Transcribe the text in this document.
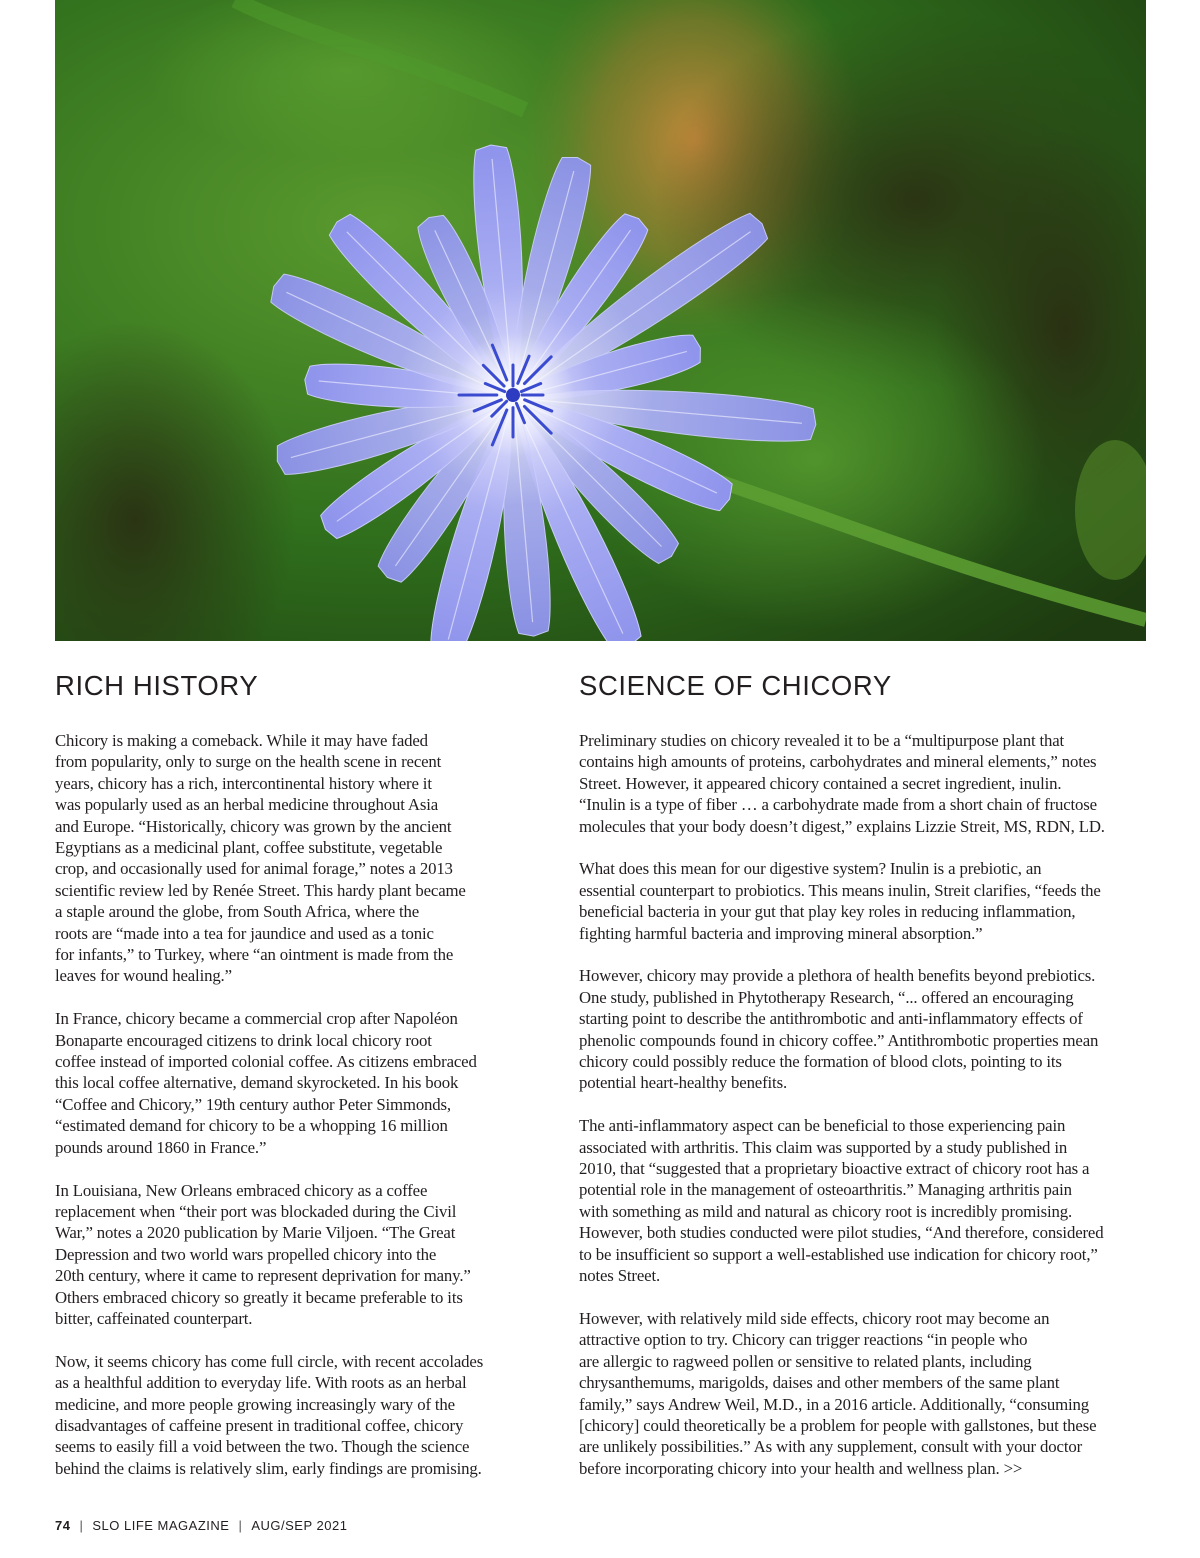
RICH HISTORY

Chicory is making a comeback. While it may have faded
from popularity, only to surge on the health scene in recent
years, chicory has a rich, intercontinental history where it
was popularly used as an herbal medicine throughout Asia
and Europe. “Historically, chicory was grown by the ancient
Egyptians as a medicinal plant, coffee substitute, vegetable
crop, and occasionally used for animal forage,” notes a 2013
scientific review led by Renée Street. This hardy plant became
a staple around the globe, from South Africa, where the
roots are “made into a tea for jaundice and used as a tonic
for infants,” to Turkey, where “an ointment is made from the
leaves for wound healing.”

In France, chicory became a commercial crop after Napoléon
Bonaparte encouraged citizens to drink local chicory root
coffee instead of imported colonial coffee. As citizens embraced
this local coffee alternative, demand skyrocketed. In his book
“Coffee and Chicory,” 19th century author Peter Simmonds,
“estimated demand for chicory to be a whopping 16 million
pounds around 1860 in France.”

In Louisiana, New Orleans embraced chicory as a coffee
replacement when “their port was blockaded during the Civil
War,” notes a 2020 publication by Marie Viljoen. “The Great
Depression and two world wars propelled chicory into the
20th century, where it came to represent deprivation for many.”
Others embraced chicory so greatly it became preferable to its
bitter, caffeinated counterpart.

Now, it seems chicory has come full circle, with recent accolades
as a healthful addition to everyday life. With roots as an herbal
medicine, and more people growing increasingly wary of the
disadvantages of caffeine present in traditional coffee, chicory
seems to easily fill a void between the two. Though the science
behind the claims is relatively slim, early findings are promising.

SCIENCE OF CHICORY

Preliminary studies on chicory revealed it to be a “multipurpose plant that
contains high amounts of proteins, carbohydrates and mineral elements,” notes
Street. However, it appeared chicory contained a secret ingredient, inulin.
“Inulin is a type of fiber … a carbohydrate made from a short chain of fructose
molecules that your body doesn’t digest,” explains Lizzie Streit, MS, RDN, LD.

What does this mean for our digestive system? Inulin is a prebiotic, an
essential counterpart to probiotics. This means inulin, Streit clarifies, “feeds the
beneficial bacteria in your gut that play key roles in reducing inflammation,
fighting harmful bacteria and improving mineral absorption.”

However, chicory may provide a plethora of health benefits beyond prebiotics.
One study, published in Phytotherapy Research, “... offered an encouraging
starting point to describe the antithrombotic and anti-inflammatory effects of
phenolic compounds found in chicory coffee.” Antithrombotic properties mean
chicory could possibly reduce the formation of blood clots, pointing to its
potential heart-healthy benefits.

The anti-inflammatory aspect can be beneficial to those experiencing pain
associated with arthritis. This claim was supported by a study published in
2010, that “suggested that a proprietary bioactive extract of chicory root has a
potential role in the management of osteoarthritis.” Managing arthritis pain
with something as mild and natural as chicory root is incredibly promising.
However, both studies conducted were pilot studies, “And therefore, considered
to be insufficient so support a well-established use indication for chicory root,”
notes Street.

However, with relatively mild side effects, chicory root may become an
attractive option to try. Chicory can trigger reactions “in people who
are allergic to ragweed pollen or sensitive to related plants, including
chrysanthemums, marigolds, daises and other members of the same plant
family,” says Andrew Weil, M.D., in a 2016 article. Additionally, “consuming
[chicory] could theoretically be a problem for people with gallstones, but these
are unlikely possibilities.” As with any supplement, consult with your doctor
before incorporating chicory into your health and wellness plan. >>

74 | SLO LIFE MAGAZINE | AUG/SEP 2021
